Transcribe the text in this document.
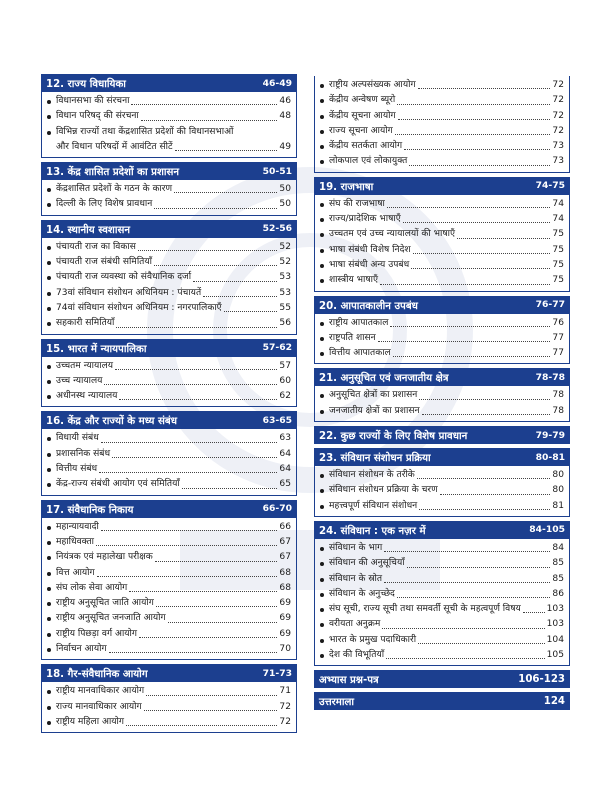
12. राज्य विधायिका	46-49
विधानसभा की संरचना	46
विधान परिषद् की संरचना	48
विभिन्न राज्यों तथा केंद्रशासित प्रदेशों की विधानसभाओं
और विधान परिषदों में आवंटित सीटें	49
13. केंद्र शासित प्रदेशों का प्रशासन	50-51
केंद्रशासित प्रदेशों के गठन के कारण	50
दिल्ली के लिए विशेष प्रावधान	50
14. स्थानीय स्वशासन	52-56
पंचायती राज का विकास	52
पंचायती राज संबंधी समितियाँ	52
पंचायती राज व्यवस्था को संवैधानिक दर्जा	53
73वां संविधान संशोधन अधिनियम : पंचायतें	53
74वां संविधान संशोधन अधिनियम : नगरपालिकाएँ	55
सहकारी समितियाँ	56
15. भारत में न्यायपालिका	57-62
उच्चतम न्यायालय	57
उच्च न्यायालय	60
अधीनस्थ न्यायालय	62
16. केंद्र और राज्यों के मध्य संबंध	63-65
विधायी संबंध	63
प्रशासनिक संबंध	64
वित्तीय संबंध	64
केंद्र-राज्य संबंधी आयोग एवं समितियाँ	65
17. संवैधानिक निकाय	66-70
महान्यायवादी	66
महाधिवक्ता	67
नियंत्रक एवं महालेखा परीक्षक	67
वित्त आयोग	68
संघ लोक सेवा आयोग	68
राष्ट्रीय अनुसूचित जाति आयोग	69
राष्ट्रीय अनुसूचित जनजाति आयोग	69
राष्ट्रीय पिछड़ा वर्ग आयोग	69
निर्वाचन आयोग	70
18. गैर-संवैधानिक आयोग	71-73
राष्ट्रीय मानवाधिकार आयोग	71
राज्य मानवाधिकार आयोग	72
राष्ट्रीय महिला आयोग	72
राष्ट्रीय अल्पसंख्यक आयोग	72
केंद्रीय अन्वेषण ब्यूरो	72
केंद्रीय सूचना आयोग	72
राज्य सूचना आयोग	72
केंद्रीय सतर्कता आयोग	73
लोकपाल एवं लोकायुक्त	73
19. राजभाषा	74-75
संघ की राजभाषा	74
राज्य/प्रादेशिक भाषाएँ	74
उच्चतम एवं उच्च न्यायालयों की भाषाएँ	75
भाषा संबंधी विशेष निदेश	75
भाषा संबंधी अन्य उपबंध	75
शास्त्रीय भाषाएँ	75
20. आपातकालीन उपबंध	76-77
राष्ट्रीय आपातकाल	76
राष्ट्रपति शासन	77
वित्तीय आपातकाल	77
21. अनुसूचित एवं जनजातीय क्षेत्र	78-78
अनुसूचित क्षेत्रों का प्रशासन	78
जनजातीय क्षेत्रों का प्रशासन	78
22. कुछ राज्यों के लिए विशेष प्रावधान	79-79
23. संविधान संशोधन प्रक्रिया	80-81
संविधान संशोधन के तरीके	80
संविधान संशोधन प्रक्रिया के चरण	80
महत्त्वपूर्ण संविधान संशोधन	81
24. संविधान : एक नज़र में	84-105
संविधान के भाग	84
संविधान की अनुसूचियाँ	85
संविधान के स्रोत	85
संविधान के अनुच्छेद	86
संघ सूची, राज्य सूची तथा समवर्ती सूची के महत्वपूर्ण विषय	103
वरीयता अनुक्रम	103
भारत के प्रमुख पदाधिकारी	104
देश की विभूतियाँ	105
अभ्यास प्रश्न-पत्र	106-123
उत्तरमाला	124
